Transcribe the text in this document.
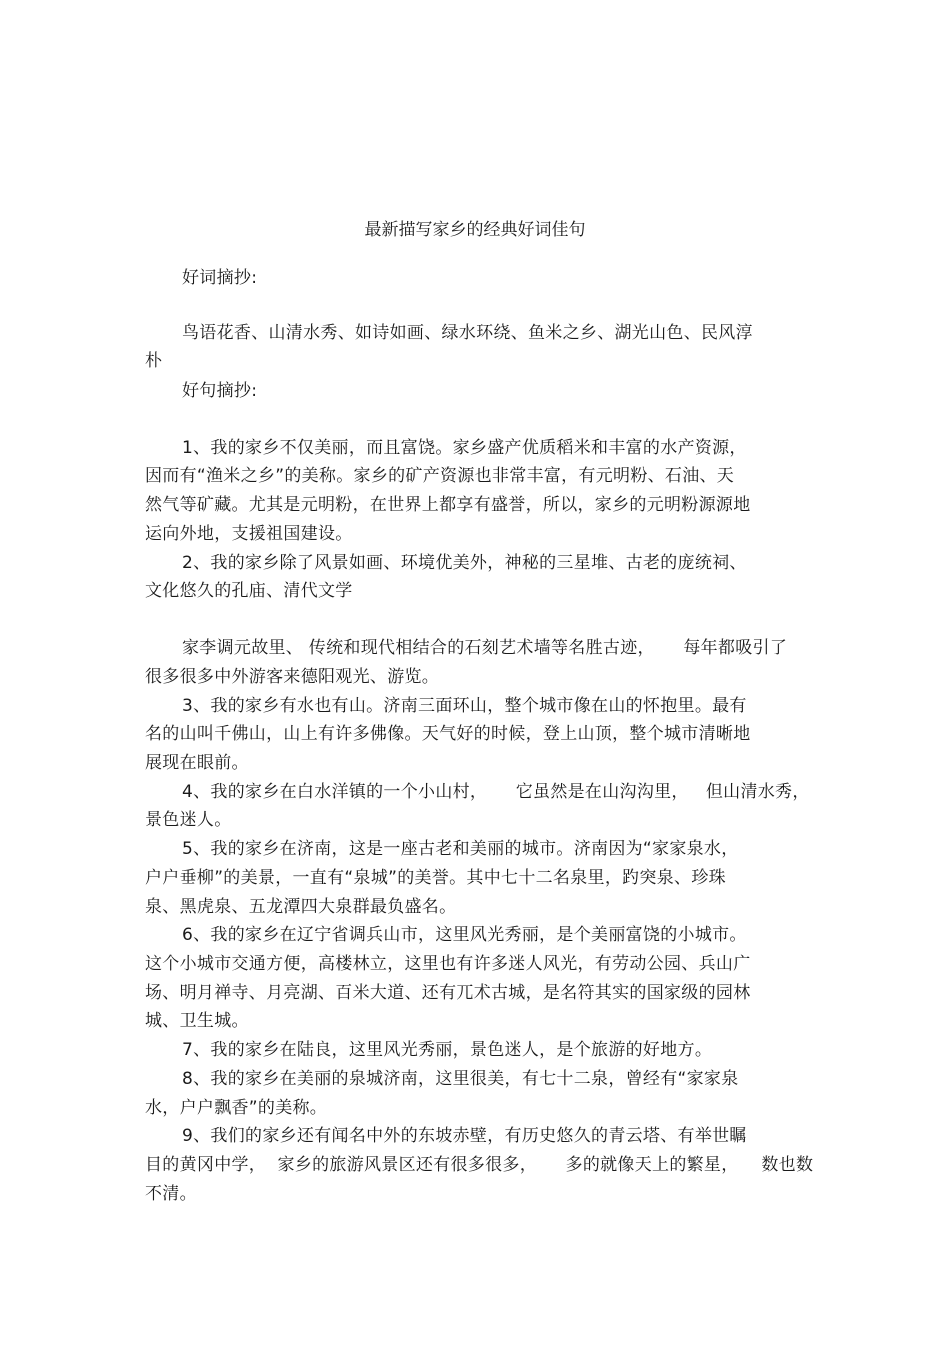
最新描写家乡的经典好词佳句
好词摘抄:
鸟语花香、山清水秀、如诗如画、绿水环绕、鱼米之乡、湖光山色、民风淳
朴
好句摘抄:
1、我的家乡不仅美丽，而且富饶。家乡盛产优质稻米和丰富的水产资源，
因而有“渔米之乡”的美称。家乡的矿产资源也非常丰富，有元明粉、石油、天
然气等矿藏。尤其是元明粉，在世界上都享有盛誉，所以，家乡的元明粉源源地
运向外地，支援祖国建设。
2、我的家乡除了风景如画、环境优美外，神秘的三星堆、古老的庞统祠、
文化悠久的孔庙、清代文学
家李调元故里、 传统和现代相结合的石刻艺术墙等名胜古迹，     每年都吸引了
很多很多中外游客来德阳观光、游览。
3、我的家乡有水也有山。济南三面环山，整个城市像在山的怀抱里。最有
名的山叫千佛山，山上有许多佛像。天气好的时候，登上山顶，整个城市清晰地
展现在眼前。
4、我的家乡在白水洋镇的一个小山村，     它虽然是在山沟沟里，   但山清水秀，
景色迷人。
5、我的家乡在济南，这是一座古老和美丽的城市。济南因为“家家泉水，
户户垂柳”的美景，一直有“泉城”的美誉。其中七十二名泉里，趵突泉、珍珠
泉、黑虎泉、五龙潭四大泉群最负盛名。
6、我的家乡在辽宁省调兵山市，这里风光秀丽，是个美丽富饶的小城市。
这个小城市交通方便，高楼林立，这里也有许多迷人风光，有劳动公园、兵山广
场、明月禅寺、月亮湖、百米大道、还有兀术古城，是名符其实的国家级的园林
城、卫生城。
7、我的家乡在陆良，这里风光秀丽，景色迷人，是个旅游的好地方。
8、我的家乡在美丽的泉城济南，这里很美，有七十二泉，曾经有“家家泉
水，户户飘香”的美称。
9、我们的家乡还有闻名中外的东坡赤壁，有历史悠久的青云塔、有举世瞩
目的黄冈中学，  家乡的旅游风景区还有很多很多，     多的就像天上的繁星，    数也数
不清。
